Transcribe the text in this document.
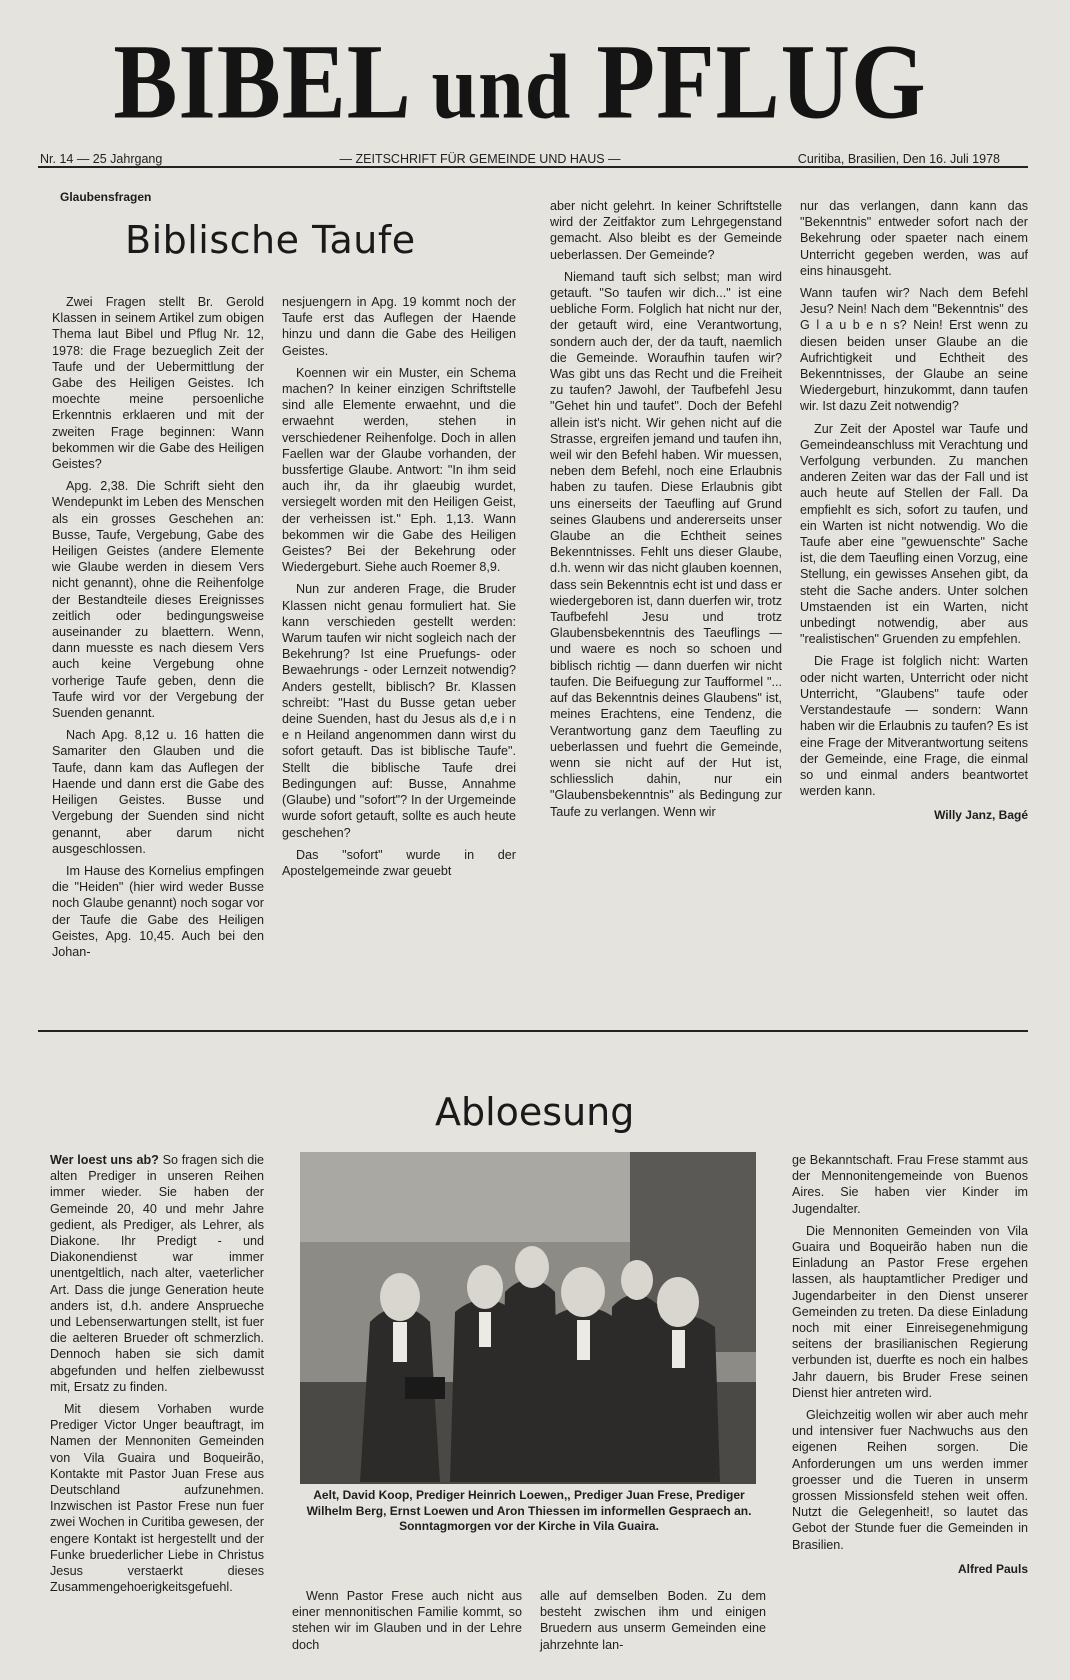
BIBEL und PFLUG
Nr. 14 — 25 Jahrgang	— ZEITSCHRIFT FÜR GEMEINDE UND HAUS —	Curitiba, Brasilien, Den 16. Juli 1978
Glaubensfragen
Biblische Taufe

Zwei Fragen stellt Br. Gerold Klassen in seinem Artikel zum obigen Thema laut Bibel und Pflug Nr. 12, 1978: die Frage bezueglich Zeit der Taufe und der Uebermittlung der Gabe des Heiligen Geistes. Ich moechte meine persoenliche Erkenntnis erklaeren und mit der zweiten Frage beginnen: Wann bekommen wir die Gabe des Heiligen Geistes?

Apg. 2,38. Die Schrift sieht den Wendepunkt im Leben des Menschen als ein grosses Geschehen an: Busse, Taufe, Vergebung, Gabe des Heiligen Geistes (andere Elemente wie Glaube werden in diesem Vers nicht genannt), ohne die Reihenfolge der Bestandteile dieses Ereignisses zeitlich oder bedingungsweise auseinander zu blaettern. Wenn, dann muesste es nach diesem Vers auch keine Vergebung ohne vorherige Taufe geben, denn die Taufe wird vor der Vergebung der Suenden genannt.

Nach Apg. 8,12 u. 16 hatten die Samariter den Glauben und die Taufe, dann kam das Auflegen der Haende und dann erst die Gabe des Heiligen Geistes. Busse und Vergebung der Suenden sind nicht genannt, aber darum nicht ausgeschlossen.

Im Hause des Kornelius empfingen die "Heiden" (hier wird weder Busse noch Glaube genannt) noch sogar vor der Taufe die Gabe des Heiligen Geistes, Apg. 10,45. Auch bei den Johan-

nesjuengern in Apg. 19 kommt noch der Taufe erst das Auflegen der Haende hinzu und dann die Gabe des Heiligen Geistes.

Koennen wir ein Muster, ein Schema machen? In keiner einzigen Schriftstelle sind alle Elemente erwaehnt, und die erwaehnt werden, stehen in verschiedener Reihenfolge. Doch in allen Faellen war der Glaube vorhanden, der bussfertige Glaube. Antwort: "In ihm seid auch ihr, da ihr glaeubig wurdet, versiegelt worden mit den Heiligen Geist, der verheissen ist." Eph. 1,13. Wann bekommen wir die Gabe des Heiligen Geistes? Bei der Bekehrung oder Wiedergeburt. Siehe auch Roemer 8,9.

Nun zur anderen Frage, die Bruder Klassen nicht genau formuliert hat. Sie kann verschieden gestellt werden: Warum taufen wir nicht sogleich nach der Bekehrung? Ist eine Pruefungs- oder Bewaehrungs - oder Lernzeit notwendig? Anders gestellt, biblisch? Br. Klassen schreibt: "Hast du Busse getan ueber deine Suenden, hast du Jesus als d,e i n e n Heiland angenommen dann wirst du sofort getauft. Das ist biblische Taufe". Stellt die biblische Taufe drei Bedingungen auf: Busse, Annahme (Glaube) und "sofort"? In der Urgemeinde wurde sofort getauft, sollte es auch heute geschehen?

Das "sofort" wurde in der Apostelgemeinde zwar geuebt

aber nicht gelehrt. In keiner Schriftstelle wird der Zeitfaktor zum Lehrgegenstand gemacht. Also bleibt es der Gemeinde ueberlassen. Der Gemeinde?

Niemand tauft sich selbst; man wird getauft. "So taufen wir dich..." ist eine uebliche Form. Folglich hat nicht nur der, der getauft wird, eine Verantwortung, sondern auch der, der da tauft, naemlich die Gemeinde. Woraufhin taufen wir? Was gibt uns das Recht und die Freiheit zu taufen? Jawohl, der Taufbefehl Jesu "Gehet hin und taufet". Doch der Befehl allein ist's nicht. Wir gehen nicht auf die Strasse, ergreifen jemand und taufen ihn, weil wir den Befehl haben. Wir muessen, neben dem Befehl, noch eine Erlaubnis haben zu taufen. Diese Erlaubnis gibt uns einerseits der Taeufling auf Grund seines Glaubens und andererseits unser Glaube an die Echtheit seines Bekenntnisses. Fehlt uns dieser Glaube, d.h. wenn wir das nicht glauben koennen, dass sein Bekenntnis echt ist und dass er wiedergeboren ist, dann duerfen wir, trotz Taufbefehl Jesu und trotz Glaubensbekenntnis des Taeuflings — und waere es noch so schoen und biblisch richtig — dann duerfen wir nicht taufen. Die Beifuegung zur Taufformel "... auf das Bekenntnis deines Glaubens" ist, meines Erachtens, eine Tendenz, die Verantwortung ganz dem Taeufling zu ueberlassen und fuehrt die Gemeinde, wenn sie nicht auf der Hut ist, schliesslich dahin, nur ein "Glaubensbekenntnis" als Bedingung zur Taufe zu verlangen. Wenn wir

nur das verlangen, dann kann das "Bekenntnis" entweder sofort nach der Bekehrung oder spaeter nach einem Unterricht gegeben werden, was auf eins hinausgeht.

Wann taufen wir? Nach dem Befehl Jesu? Nein! Nach dem "Bekenntnis" des G l a u b e n s? Nein! Erst wenn zu diesen beiden unser Glaube an die Aufrichtigkeit und Echtheit des Bekenntnisses, der Glaube an seine Wiedergeburt, hinzukommt, dann taufen wir. Ist dazu Zeit notwendig?

Zur Zeit der Apostel war Taufe und Gemeindeanschluss mit Verachtung und Verfolgung verbunden. Zu manchen anderen Zeiten war das der Fall und ist auch heute auf Stellen der Fall. Da empfiehlt es sich, sofort zu taufen, und ein Warten ist nicht notwendig. Wo die Taufe aber eine "gewuenschte" Sache ist, die dem Taeufling einen Vorzug, eine Stellung, ein gewisses Ansehen gibt, da steht die Sache anders. Unter solchen Umstaenden ist ein Warten, nicht unbedingt notwendig, aber aus "realistischen" Gruenden zu empfehlen.

Die Frage ist folglich nicht: Warten oder nicht warten, Unterricht oder nicht Unterricht, "Glaubens" taufe oder Verstandestaufe — sondern: Wann haben wir die Erlaubnis zu taufen? Es ist eine Frage der Mitverantwortung seitens der Gemeinde, eine Frage, die einmal so und einmal anders beantwortet werden kann.

Willy Janz, Bagé
Abloesung

Wer loest uns ab? So fragen sich die alten Prediger in unseren Reihen immer wieder. Sie haben der Gemeinde 20, 40 und mehr Jahre gedient, als Prediger, als Lehrer, als Diakone. Ihr Predigt - und Diakonendienst war immer unentgeltlich, nach alter, vaeterlicher Art. Dass die junge Generation heute anders ist, d.h. andere Ansprueche und Lebenserwartungen stellt, ist fuer die aelteren Brueder oft schmerzlich. Dennoch haben sie sich damit abgefunden und helfen zielbewusst mit, Ersatz zu finden.

Mit diesem Vorhaben wurde Prediger Victor Unger beauftragt, im Namen der Mennoniten Gemeinden von Vila Guaira und Boqueirão, Kontakte mit Pastor Juan Frese aus Deutschland aufzunehmen. Inzwischen ist Pastor Frese nun fuer zwei Wochen in Curitiba gewesen, der engere Kontakt ist hergestellt und der Funke bruederlicher Liebe in Christus Jesus verstaerkt dieses Zusammengehoerigkeitsgefuehl.

Aelt, David Koop, Prediger Heinrich Loewen,, Prediger Juan Frese, Prediger Wilhelm Berg, Ernst Loewen und Aron Thiessen im informellen Gespraech an. Sonntagmorgen vor der Kirche in Vila Guaira.

Wenn Pastor Frese auch nicht aus einer mennonitischen Familie kommt, so stehen wir im Glauben und in der Lehre doch

alle auf demselben Boden. Zu dem besteht zwischen ihm und einigen Bruedern aus unserm Gemeinden eine jahrzehnte lan-

ge Bekanntschaft. Frau Frese stammt aus der Mennonitengemeinde von Buenos Aires. Sie haben vier Kinder im Jugendalter.

Die Mennoniten Gemeinden von Vila Guaira und Boqueirão haben nun die Einladung an Pastor Frese ergehen lassen, als hauptamtlicher Prediger und Jugendarbeiter in den Dienst unserer Gemeinden zu treten. Da diese Einladung noch mit einer Einreisegenehmigung seitens der brasilianischen Regierung verbunden ist, duerfte es noch ein halbes Jahr dauern, bis Bruder Frese seinen Dienst hier antreten wird.

Gleichzeitig wollen wir aber auch mehr und intensiver fuer Nachwuchs aus den eigenen Reihen sorgen. Die Anforderungen um uns werden immer groesser und die Tueren in unserm grossen Missionsfeld stehen weit offen. Nutzt die Gelegenheit!, so lautet das Gebot der Stunde fuer die Gemeinden in Brasilien.

Alfred Pauls
